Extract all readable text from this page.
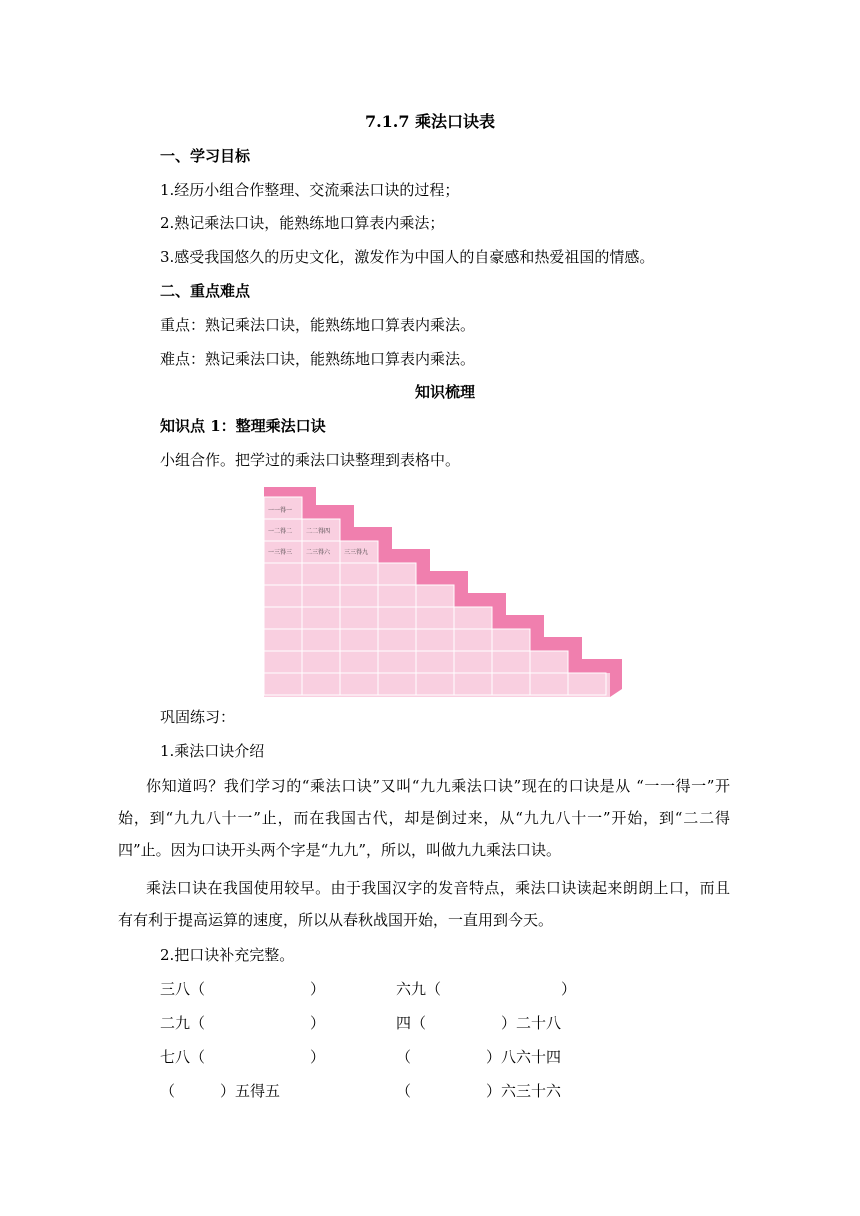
7.1.7 乘法口诀表
一、学习目标
1.经历小组合作整理、交流乘法口诀的过程；
2.熟记乘法口诀，能熟练地口算表内乘法；
3.感受我国悠久的历史文化，激发作为中国人的自豪感和热爱祖国的情感。
二、重点难点
重点：熟记乘法口诀，能熟练地口算表内乘法。
难点：熟记乘法口诀，能熟练地口算表内乘法。
知识梳理
知识点 1：整理乘法口诀
小组合作。把学过的乘法口诀整理到表格中。
一一得一
一二得二 二二得四
一三得三 二三得六 三三得九
巩固练习：
1.乘法口诀介绍
你知道吗？我们学习的“乘法口诀”又叫“九九乘法口诀”现在的口诀是从 “一一得一”开始，到“九九八十一”止，而在我国古代，却是倒过来，从“九九八十一”开始，到“二二得四”止。因为口诀开头两个字是“九九”，所以，叫做九九乘法口诀。
乘法口诀在我国使用较早。由于我国汉字的发音特点，乘法口诀读起来朗朗上口，而且有有利于提高运算的速度，所以从春秋战国开始，一直用到今天。
2.把口诀补充完整。
三八（　　　　　　　）	六九（　　　　　　　　）
二九（　　　　　　　）	四（　　　　　）二十八
七八（　　　　　　　）	（　　　　　）八六十四
（　　　）五得五	（　　　　　）六三十六
